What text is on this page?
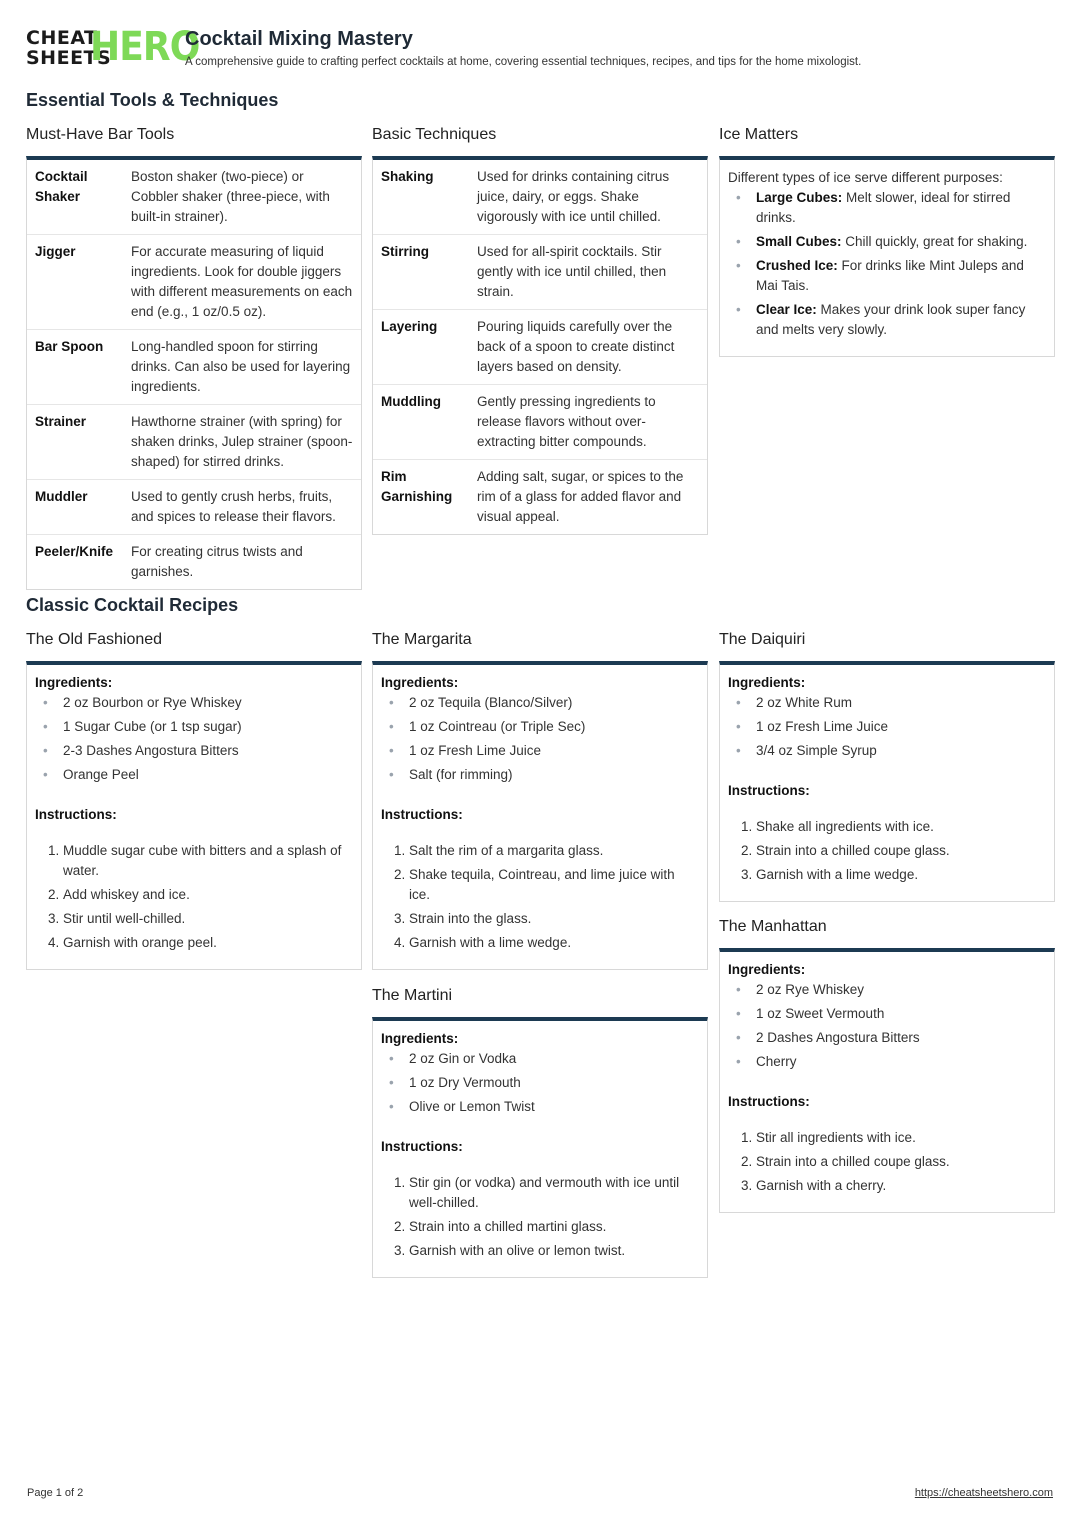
CHEAT
SHEETS
HERO
Cocktail Mixing Mastery
A comprehensive guide to crafting perfect cocktails at home, covering essential techniques, recipes, and tips for the home mixologist.
Essential Tools & Techniques
Must-Have Bar Tools
Cocktail Shaker	Boston shaker (two-piece) or Cobbler shaker (three-piece, with built-in strainer).
Jigger	For accurate measuring of liquid ingredients. Look for double jiggers with different measurements on each end (e.g., 1 oz/0.5 oz).
Bar Spoon	Long-handled spoon for stirring drinks. Can also be used for layering ingredients.
Strainer	Hawthorne strainer (with spring) for shaken drinks, Julep strainer (spoon-shaped) for stirred drinks.
Muddler	Used to gently crush herbs, fruits, and spices to release their flavors.
Peeler/Knife	For creating citrus twists and garnishes.
Basic Techniques
Shaking	Used for drinks containing citrus juice, dairy, or eggs. Shake vigorously with ice until chilled.
Stirring	Used for all-spirit cocktails. Stir gently with ice until chilled, then strain.
Layering	Pouring liquids carefully over the back of a spoon to create distinct layers based on density.
Muddling	Gently pressing ingredients to release flavors without over-extracting bitter compounds.
Rim Garnishing	Adding salt, sugar, or spices to the rim of a glass for added flavor and visual appeal.
Ice Matters
Different types of ice serve different purposes:
• Large Cubes: Melt slower, ideal for stirred drinks.
• Small Cubes: Chill quickly, great for shaking.
• Crushed Ice: For drinks like Mint Juleps and Mai Tais.
• Clear Ice: Makes your drink look super fancy and melts very slowly.
Classic Cocktail Recipes
The Old Fashioned
Ingredients:
• 2 oz Bourbon or Rye Whiskey
• 1 Sugar Cube (or 1 tsp sugar)
• 2-3 Dashes Angostura Bitters
• Orange Peel
Instructions:
1. Muddle sugar cube with bitters and a splash of water.
2. Add whiskey and ice.
3. Stir until well-chilled.
4. Garnish with orange peel.
The Margarita
Ingredients:
• 2 oz Tequila (Blanco/Silver)
• 1 oz Cointreau (or Triple Sec)
• 1 oz Fresh Lime Juice
• Salt (for rimming)
Instructions:
1. Salt the rim of a margarita glass.
2. Shake tequila, Cointreau, and lime juice with ice.
3. Strain into the glass.
4. Garnish with a lime wedge.
The Martini
Ingredients:
• 2 oz Gin or Vodka
• 1 oz Dry Vermouth
• Olive or Lemon Twist
Instructions:
1. Stir gin (or vodka) and vermouth with ice until well-chilled.
2. Strain into a chilled martini glass.
3. Garnish with an olive or lemon twist.
The Daiquiri
Ingredients:
• 2 oz White Rum
• 1 oz Fresh Lime Juice
• 3/4 oz Simple Syrup
Instructions:
1. Shake all ingredients with ice.
2. Strain into a chilled coupe glass.
3. Garnish with a lime wedge.
The Manhattan
Ingredients:
• 2 oz Rye Whiskey
• 1 oz Sweet Vermouth
• 2 Dashes Angostura Bitters
• Cherry
Instructions:
1. Stir all ingredients with ice.
2. Strain into a chilled coupe glass.
3. Garnish with a cherry.
Page 1 of 2	https://cheatsheetshero.com
